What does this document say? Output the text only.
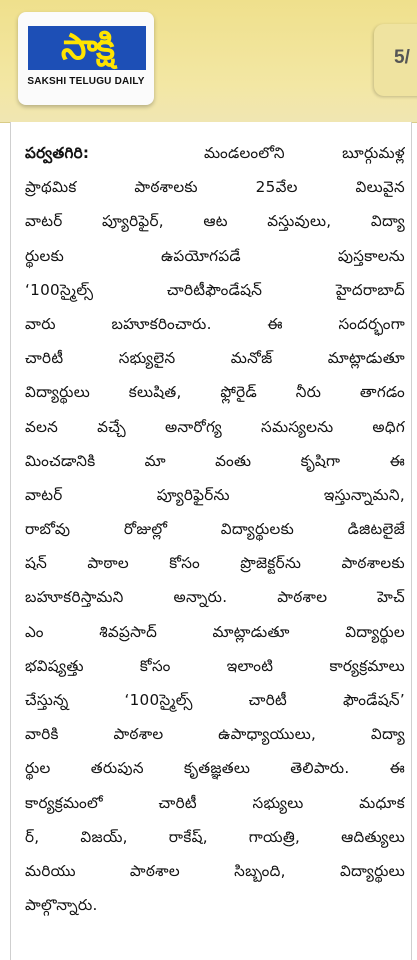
సాక్షి
SAKSHI TELUGU DAILY
5/
పర్వతగిరి:	మండలంలోని బూర్గుమళ్ల
ప్రాథమిక పాఠశాలకు 25వేల విలువైన
వాటర్ ప్యూరిఫైర్, ఆట వస్తువులు, విద్యా
ర్థులకు ఉపయోగపడే పుస్తకాలను
‘100స్మైల్స్ చారిటీఫౌండేషన్ హైదరాబాద్
వారు బహూకరించారు. ఈ సందర్భంగా
చారిటీ సభ్యులైన మనోజ్ మాట్లాడుతూ
విద్యార్థులు కలుషిత, ఫ్లోరైడ్ నీరు తాగడం
వలన వచ్చే అనారోగ్య సమస్యలను అధిగ
మించడానికి మా వంతు కృషిగా ఈ
వాటర్ ప్యూరిఫైర్‌ను ఇస్తున్నామని,
రాబోవు రోజుల్లో విద్యార్థులకు డిజిటలైజే
షన్ పాఠాల కోసం ప్రొజెక్టర్‌ను పాఠశాలకు
బహూకరిస్తామని అన్నారు. పాఠశాల హెచ్
ఎం శివప్రసాద్ మాట్లాడుతూ విద్యార్థుల
భవిష్యత్తు కోసం ఇలాంటి కార్యక్రమాలు
చేస్తున్న ‘100స్మైల్స్ చారిటీ ఫౌండేషన్’
వారికి పాఠశాల ఉపాధ్యాయులు, విద్యా
ర్థుల తరుపున కృతజ్ఞతలు తెలిపారు. ఈ
కార్యక్రమంలో చారిటీ సభ్యులు మధూక
ర్, విజయ్, రాకేష్, గాయత్రి, ఆదిత్యులు
మరియు పాఠశాల సిబ్బంది, విద్యార్థులు
పాల్గొన్నారు.
